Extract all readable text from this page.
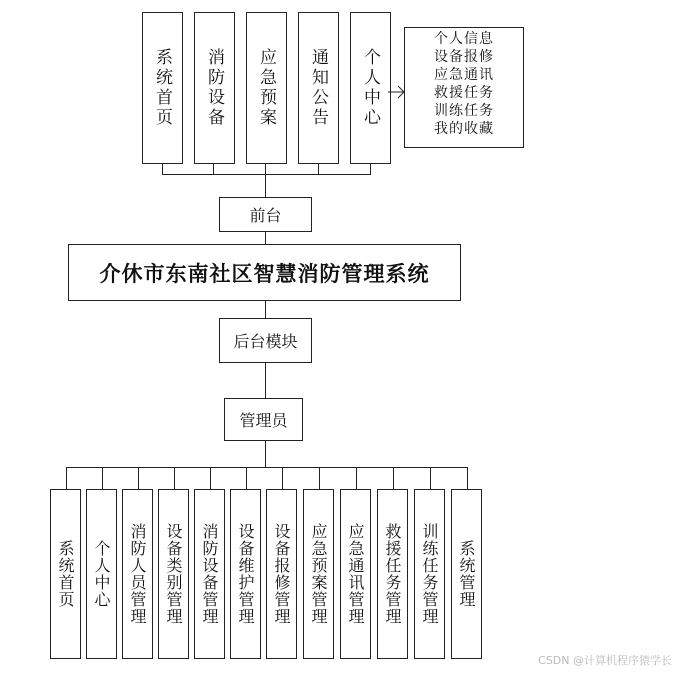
系统首页	消防设备	应急预案	通知公告	个人中心
个人信息
设备报修
应急通讯
救援任务
训练任务
我的收藏
前台
介休市东南社区智慧消防管理系统
后台模块
管理员
系统首页	个人中心	消防人员管理	设备类别管理	消防设备管理	设备维护管理	设备报修管理	应急预案管理	应急通讯管理	救援任务管理	训练任务管理	系统管理
CSDN @计算机程序猿学长
